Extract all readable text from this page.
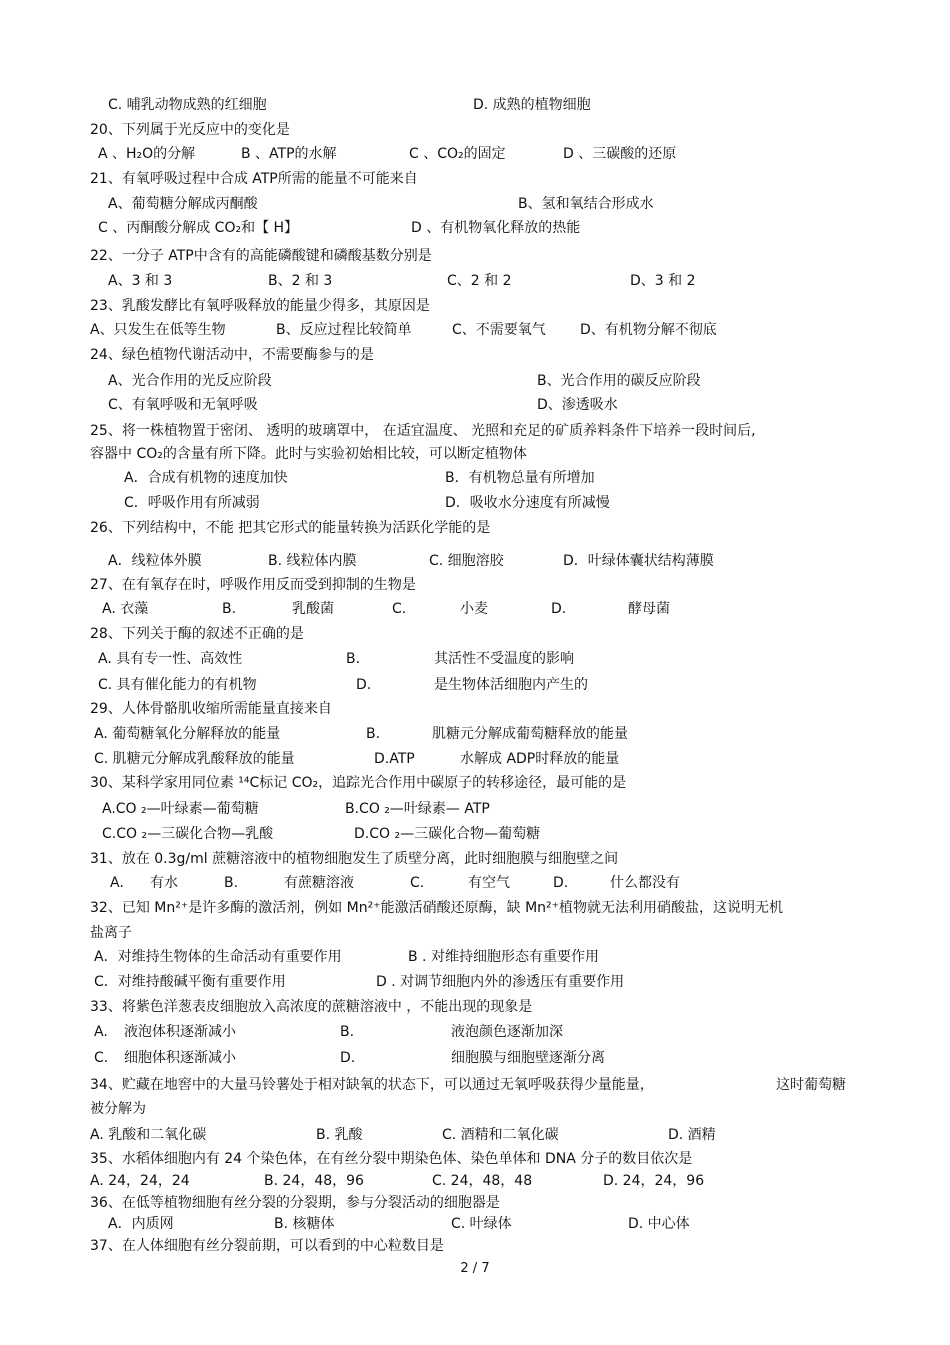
C. 哺乳动物成熟的红细胞	D. 成熟的植物细胞
20、下列属于光反应中的变化是
A 、H₂O的分解	B 、ATP的水解	C 、CO₂的固定	D 、三碳酸的还原
21、有氧呼吸过程中合成 ATP所需的能量不可能来自
A、葡萄糖分解成丙酮酸	B、氢和氧结合形成水
C 、丙酮酸分解成 CO₂和【 H】	D 、有机物氧化释放的热能
22、一分子 ATP中含有的高能磷酸键和磷酸基数分别是
A、3 和 3	B、2 和 3	C、2 和 2	D、3 和 2
23、乳酸发酵比有氧呼吸释放的能量少得多，其原因是
A、只发生在低等生物	B、反应过程比较简单	C、不需要氧气 D、有机物分解不彻底
24、绿色植物代谢活动中，不需要酶参与的是
A、光合作用的光反应阶段	B、光合作用的碳反应阶段
C、有氧呼吸和无氧呼吸	D、渗透吸水
25、将一株植物置于密闭、 透明的玻璃罩中， 在适宜温度、 光照和充足的矿质养料条件下培养一段时间后,
容器中 CO₂的含量有所下降。此时与实验初始相比较，可以断定植物体
A．合成有机物的速度加快	B．有机物总量有所增加
C．呼吸作用有所减弱	D．吸收水分速度有所减慢
26、下列结构中，不能 把其它形式的能量转换为活跃化学能的是
A．线粒体外膜	B. 线粒体内膜	C. 细胞溶胶	D．叶绿体囊状结构薄膜
27、在有氧存在时，呼吸作用反而受到抑制的生物是
A. 衣藻	B.	乳酸菌	C.	小麦	D.	酵母菌
28、下列关于酶的叙述不正确的是
A. 具有专一性、高效性	B.	其活性不受温度的影响
C. 具有催化能力的有机物	D.	是生物体活细胞内产生的
29、人体骨骼肌收缩所需能量直接来自
A. 葡萄糖氧化分解释放的能量	B.	肌糖元分解成葡萄糖释放的能量
C. 肌糖元分解成乳酸释放的能量	D.ATP	水解成 ADP时释放的能量
30、某科学家用同位素 ¹⁴C标记 CO₂，追踪光合作用中碳原子的转移途径，最可能的是
A.CO ₂—叶绿素—葡萄糖	B.CO ₂—叶绿素— ATP
C.CO ₂—三碳化合物—乳酸	D.CO ₂—三碳化合物—葡萄糖
31、放在 0.3g/ml 蔗糖溶液中的植物细胞发生了质壁分离，此时细胞膜与细胞壁之间
A. 有水	B.	有蔗糖溶液	C.	有空气	D.	什么都没有
32、已知 Mn²⁺是许多酶的激活剂，例如 Mn²⁺能激活硝酸还原酶，缺 Mn²⁺植物就无法利用硝酸盐，这说明无机
盐离子
A．对维持生物体的生命活动有重要作用	B . 对维持细胞形态有重要作用
C．对维持酸碱平衡有重要作用	D . 对调节细胞内外的渗透压有重要作用
33、将紫色洋葱表皮细胞放入高浓度的蔗糖溶液中 ，不能出现的现象是
A. 液泡体积逐渐减小	B.	液泡颜色逐渐加深
C. 细胞体积逐渐减小	D.	细胞膜与细胞壁逐渐分离
34、贮藏在地窖中的大量马铃薯处于相对缺氧的状态下，可以通过无氧呼吸获得少量能量，	这时葡萄糖
被分解为
A. 乳酸和二氧化碳	B. 乳酸	C. 酒精和二氧化碳	D. 酒精
35、水稻体细胞内有 24 个染色体，在有丝分裂中期染色体、染色单体和 DNA 分子的数目依次是
A. 24，24，24	B. 24，48，96	C. 24，48，48	D. 24，24，96
36、在低等植物细胞有丝分裂的分裂期，参与分裂活动的细胞器是
A．内质网	B. 核糖体	C. 叶绿体	D. 中心体
37、在人体细胞有丝分裂前期，可以看到的中心粒数目是
2 / 7
